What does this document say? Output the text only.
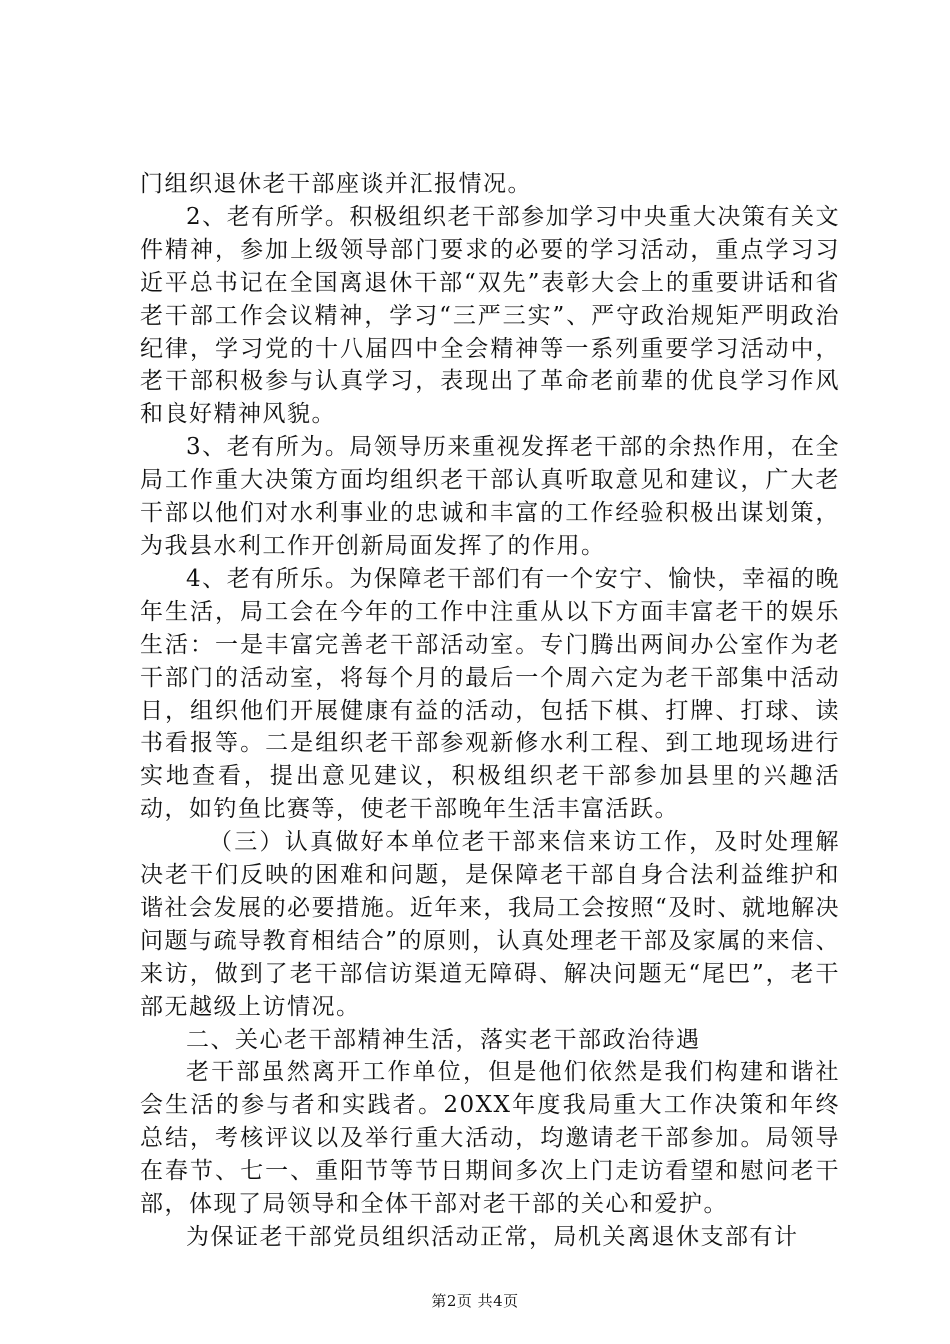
门组织退休老干部座谈并汇报情况。

2、老有所学。积极组织老干部参加学习中央重大决策有关文件精神，参加上级领导部门要求的必要的学习活动，重点学习习近平总书记在全国离退休干部“双先”表彰大会上的重要讲话和省老干部工作会议精神，学习“三严三实”、严守政治规矩严明政治纪律，学习党的十八届四中全会精神等一系列重要学习活动中，老干部积极参与认真学习，表现出了革命老前辈的优良学习作风和良好精神风貌。

3、老有所为。局领导历来重视发挥老干部的余热作用，在全局工作重大决策方面均组织老干部认真听取意见和建议，广大老干部以他们对水利事业的忠诚和丰富的工作经验积极出谋划策，为我县水利工作开创新局面发挥了的作用。

4、老有所乐。为保障老干部们有一个安宁、愉快，幸福的晚年生活，局工会在今年的工作中注重从以下方面丰富老干的娱乐生活：一是丰富完善老干部活动室。专门腾出两间办公室作为老干部门的活动室，将每个月的最后一个周六定为老干部集中活动日，组织他们开展健康有益的活动，包括下棋、打牌、打球、读书看报等。二是组织老干部参观新修水利工程、到工地现场进行实地查看，提出意见建议，积极组织老干部参加县里的兴趣活动，如钓鱼比赛等，使老干部晚年生活丰富活跃。

（三）认真做好本单位老干部来信来访工作，及时处理解决老干们反映的困难和问题，是保障老干部自身合法利益维护和谐社会发展的必要措施。近年来，我局工会按照“及时、就地解决问题与疏导教育相结合”的原则，认真处理老干部及家属的来信、来访，做到了老干部信访渠道无障碍、解决问题无“尾巴”，老干部无越级上访情况。

二、关心老干部精神生活，落实老干部政治待遇

老干部虽然离开工作单位，但是他们依然是我们构建和谐社会生活的参与者和实践者。20XX年度我局重大工作决策和年终总结，考核评议以及举行重大活动，均邀请老干部参加。局领导在春节、七一、重阳节等节日期间多次上门走访看望和慰问老干部，体现了局领导和全体干部对老干部的关心和爱护。

为保证老干部党员组织活动正常，局机关离退休支部有计

第2页 共4页
